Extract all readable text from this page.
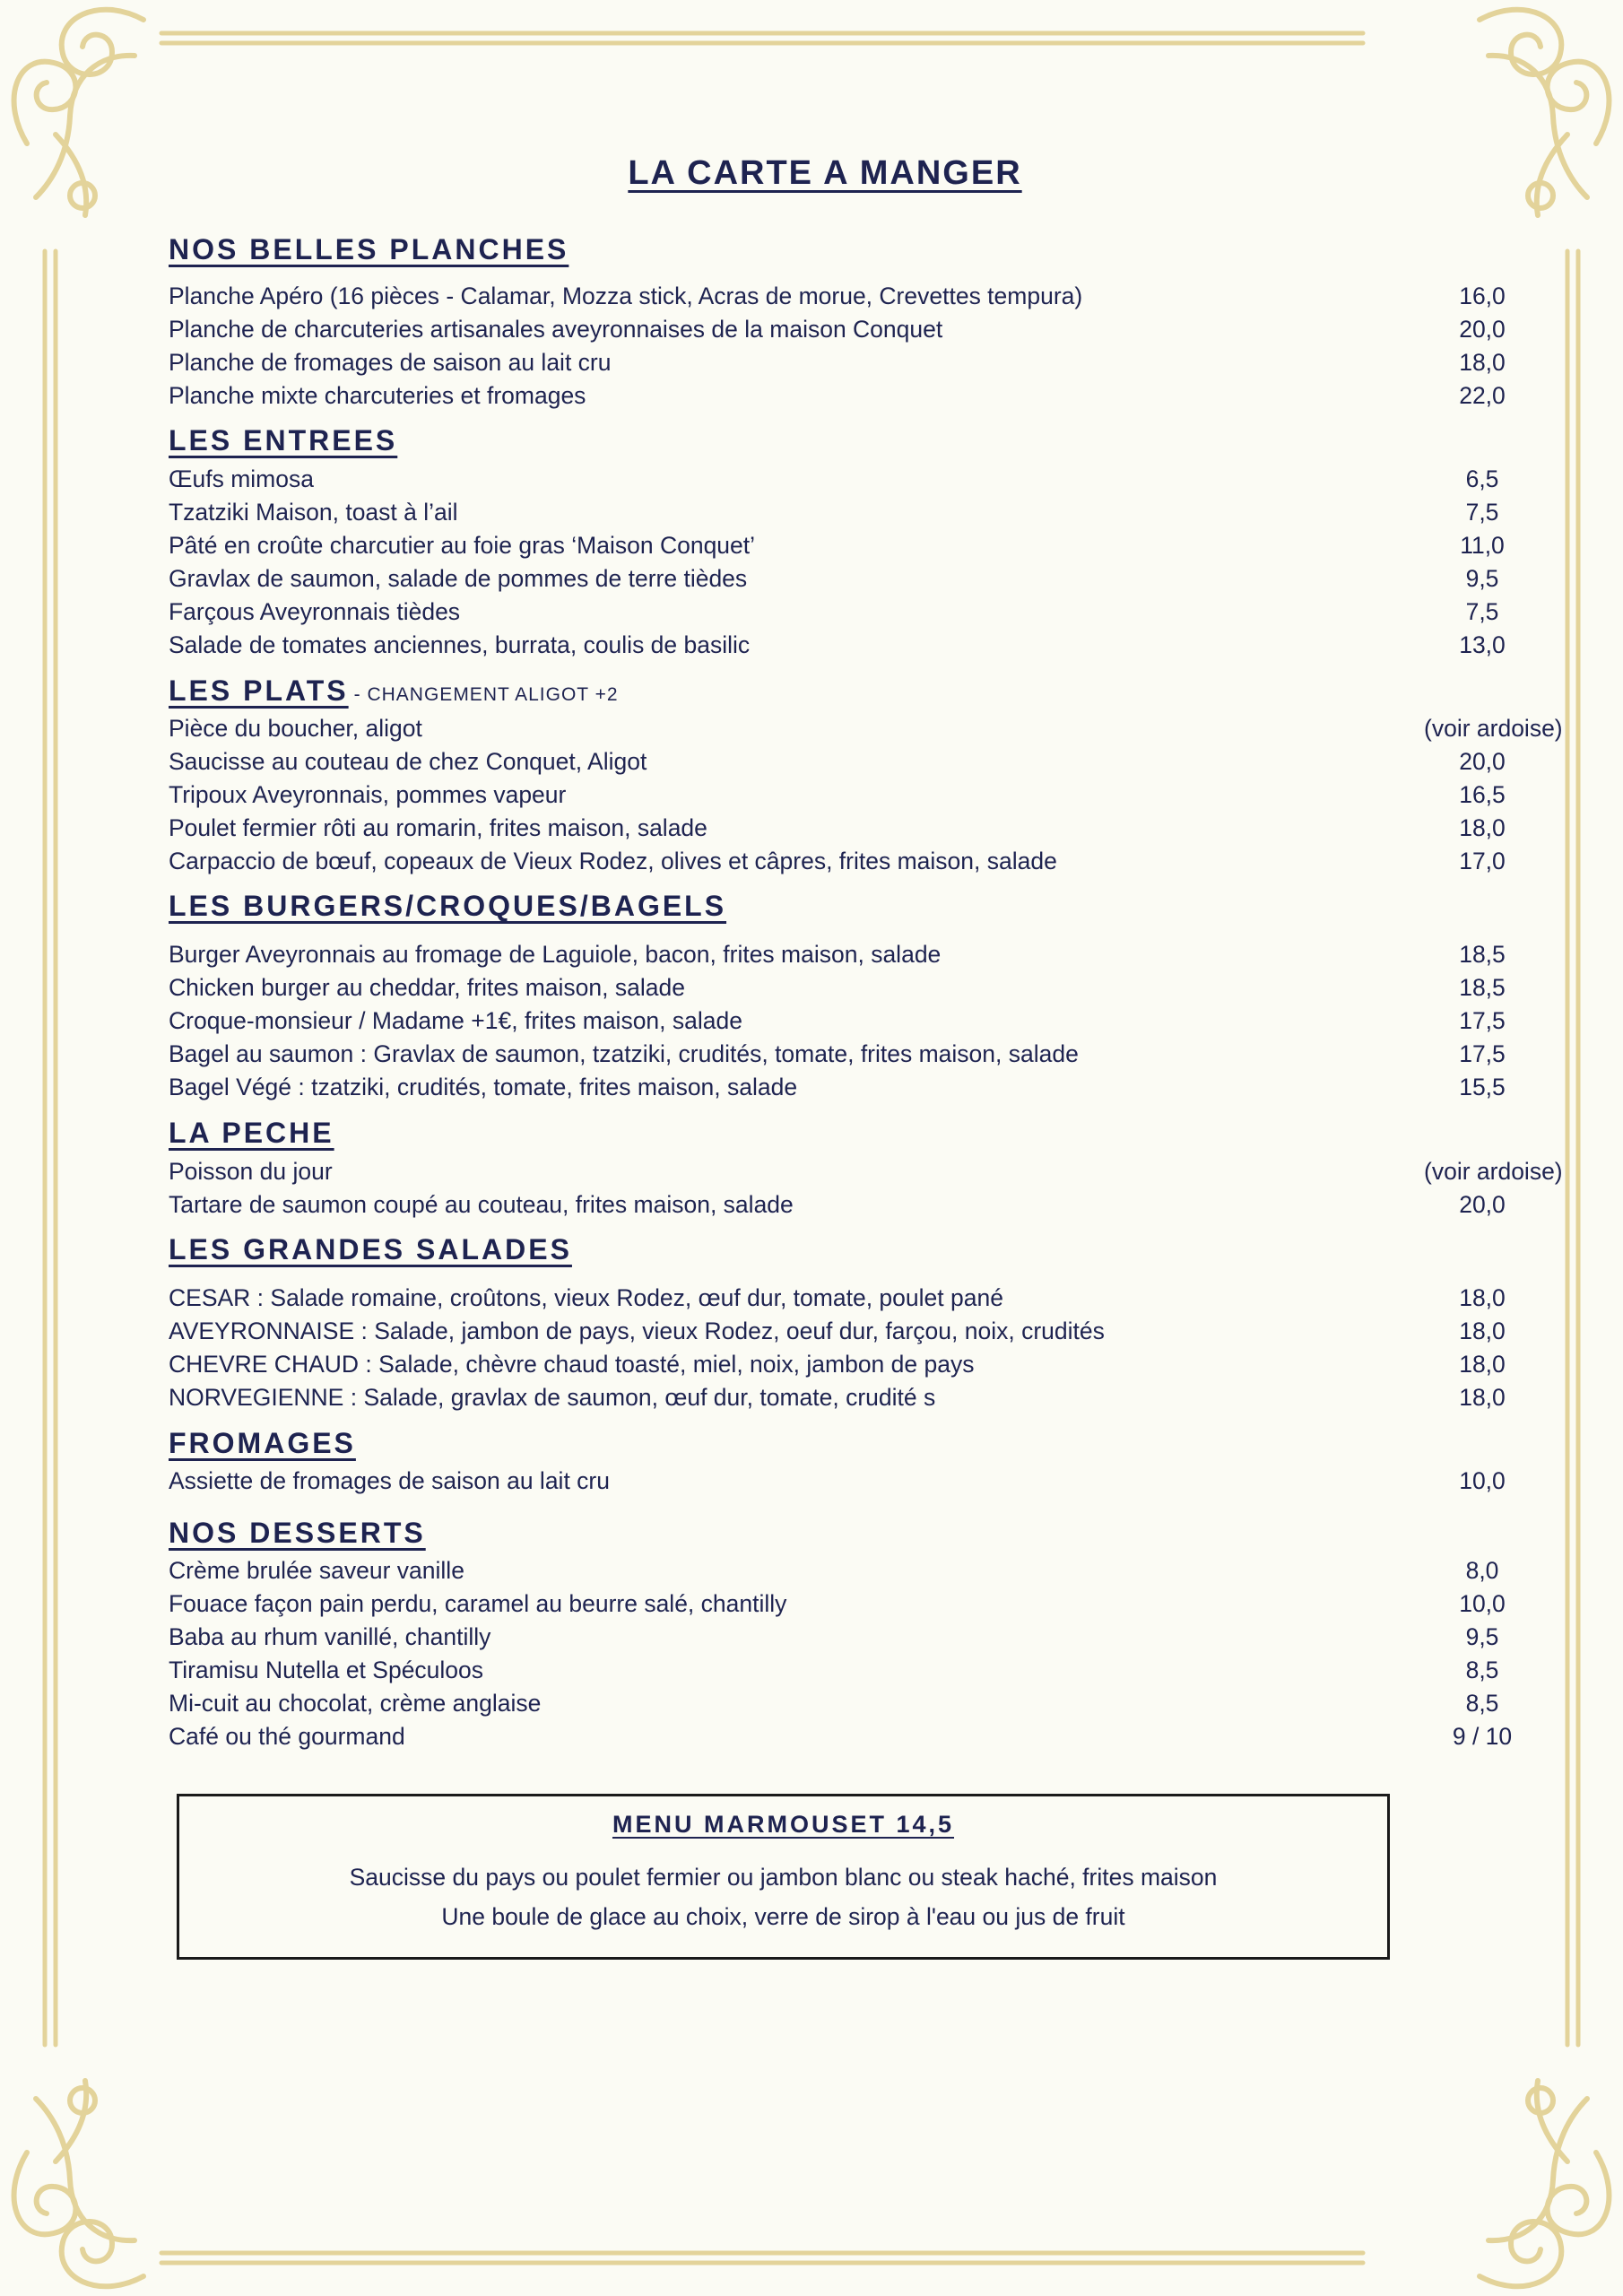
LA CARTE A MANGER
NOS BELLES PLANCHES
Planche Apéro (16 pièces - Calamar, Mozza stick, Acras de morue, Crevettes tempura)	16,0
Planche de charcuteries artisanales aveyronnaises de la maison Conquet	20,0
Planche de fromages de saison au lait cru	18,0
Planche mixte charcuteries et fromages	22,0
LES ENTREES
Œufs mimosa	6,5
Tzatziki Maison, toast à l’ail	7,5
Pâté en croûte charcutier au foie gras ‘Maison Conquet’	11,0
Gravlax de saumon, salade de pommes de terre tièdes	9,5
Farçous Aveyronnais tièdes	7,5
Salade de tomates anciennes, burrata, coulis de basilic	13,0
LES PLATS - CHANGEMENT ALIGOT +2
Pièce du boucher, aligot	(voir ardoise)
Saucisse au couteau de chez Conquet, Aligot	20,0
Tripoux Aveyronnais, pommes vapeur	16,5
Poulet fermier rôti au romarin, frites maison, salade	18,0
Carpaccio de bœuf, copeaux de Vieux Rodez, olives et câpres, frites maison, salade	17,0
LES BURGERS/CROQUES/BAGELS
Burger Aveyronnais au fromage de Laguiole, bacon, frites maison, salade	18,5
Chicken burger au cheddar, frites maison, salade	18,5
Croque-monsieur / Madame +1€, frites maison, salade	17,5
Bagel au saumon : Gravlax de saumon, tzatziki, crudités, tomate, frites maison, salade	17,5
Bagel Végé : tzatziki, crudités, tomate, frites maison, salade	15,5
LA PECHE
Poisson du jour	(voir ardoise)
Tartare de saumon coupé au couteau, frites maison, salade	20,0
LES GRANDES SALADES
CESAR : Salade romaine, croûtons, vieux Rodez, œuf dur, tomate, poulet pané	18,0
AVEYRONNAISE : Salade, jambon de pays, vieux Rodez, oeuf dur, farçou, noix, crudités	18,0
CHEVRE CHAUD : Salade, chèvre chaud toasté, miel, noix, jambon de pays	18,0
NORVEGIENNE : Salade, gravlax de saumon, œuf dur, tomate, crudité s	18,0
FROMAGES
Assiette de fromages de saison au lait cru	10,0
NOS DESSERTS
Crème brulée saveur vanille	8,0
Fouace façon pain perdu, caramel au beurre salé, chantilly	10,0
Baba au rhum vanillé, chantilly	9,5
Tiramisu Nutella et Spéculoos	8,5
Mi-cuit au chocolat, crème anglaise	8,5
Café ou thé gourmand	9 / 10
MENU MARMOUSET 14,5
Saucisse du pays ou poulet fermier ou jambon blanc ou steak haché, frites maison
Une boule de glace au choix, verre de sirop à l'eau ou jus de fruit
